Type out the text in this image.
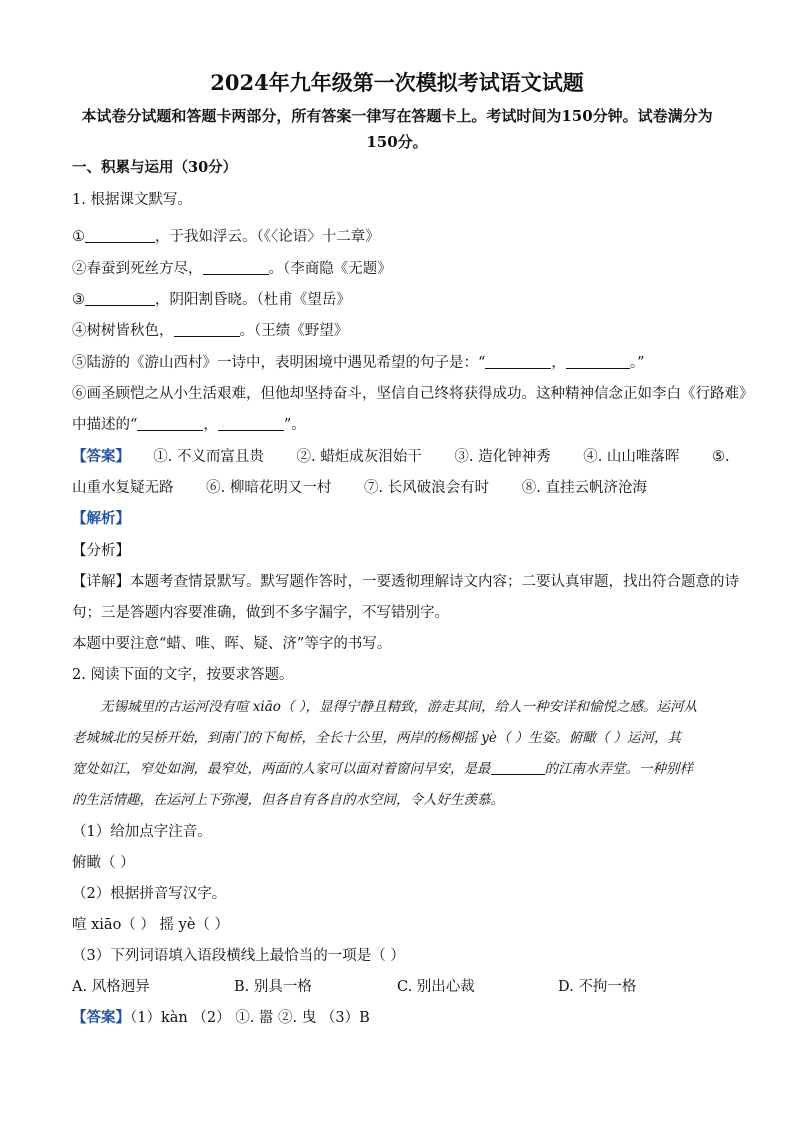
2024年九年级第一次模拟考试语文试题
本试卷分试题和答题卡两部分，所有答案一律写在答题卡上。考试时间为150分钟。试卷满分为150分。
一、积累与运用（30分）
1. 根据课文默写。
①	，于我如浮云。（《〈论语〉十二章》
②春蚕到死丝方尽，	。（李商隐《无题》
③	，阴阳割昏晓。（杜甫《望岳》
④树树皆秋色，	。（王绩《野望》
⑤陆游的《游山西村》一诗中，表明困境中遇见希望的句子是：“	，	。”
⑥画圣顾恺之从小生活艰难，但他却坚持奋斗，坚信自己终将获得成功。这种精神信念正如李白《行路难》
中描述的“	，	”。
【答案】 ①. 不义而富且贵 ②. 蜡炬成灰泪始干 ③. 造化钟神秀 ④. 山山唯落晖 ⑤.
山重水复疑无路 ⑥. 柳暗花明又一村 ⑦. 长风破浪会有时 ⑧. 直挂云帆济沧海
【解析】
【分析】
【详解】本题考查情景默写。默写题作答时，一要透彻理解诗文内容；二要认真审题，找出符合题意的诗
句；三是答题内容要准确，做到不多字漏字，不写错别字。
本题中要注意“蜡、唯、晖、疑、济”等字的书写。
2. 阅读下面的文字，按要求答题。
无锡城里的古运河没有喧 xiāo（ ），显得宁静且精致，游走其间，给人一种安详和愉悦之感。运河从
老城城北的吴桥开始，到南门的下甸桥，全长十公里，两岸的杨柳摇 yè（ ）生姿。俯瞰（ ）运河，其
宽处如江，窄处如涧，最窄处，两面的人家可以面对着窗问早安，是最	的江南水弄堂。一种别样
的生活情趣，在运河上下弥漫，但各自有各自的水空间，令人好生羡慕。
（1）给加点字注音。
俯瞰（ ）
（2）根据拼音写汉字。
喧 xiāo（ ） 摇 yè（ ）
（3）下列词语填入语段横线上最恰当的一项是（ ）
A. 风格迥异	B. 别具一格	C. 别出心裁	D. 不拘一格
【答案】（1）kàn （2） ①. 嚣 ②. 曳 （3）B
